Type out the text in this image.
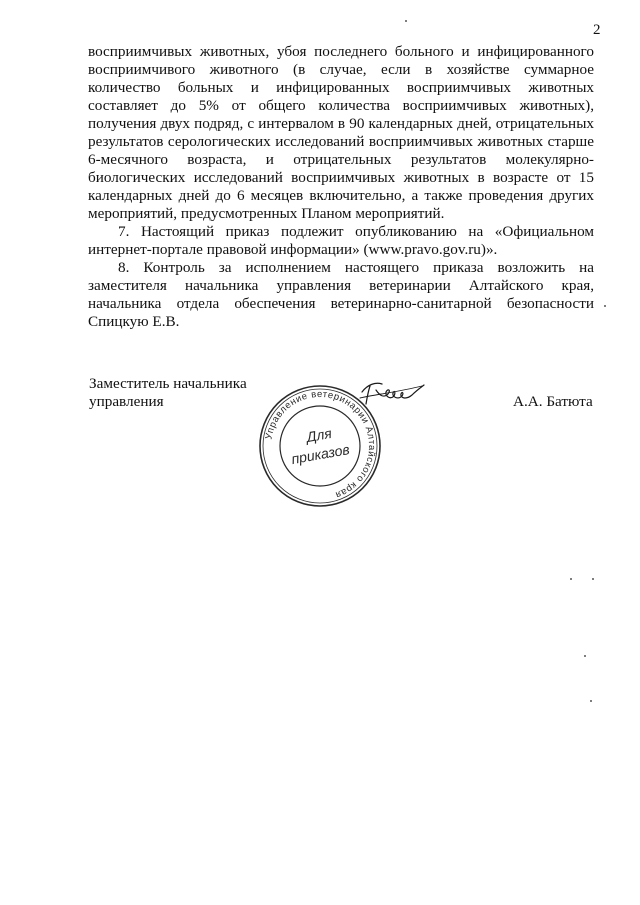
2

восприимчивых животных, убоя последнего больного и инфицированного восприимчивого животного (в случае, если в хозяйстве суммарное количество больных и инфицированных восприимчивых животных составляет до 5% от общего количества восприимчивых животных), получения двух подряд, с интервалом в 90 календарных дней, отрицательных результатов серологических исследований восприимчивых животных старше 6-месячного возраста, и отрицательных результатов молекулярно-биологических исследований восприимчивых животных в возрасте от 15 календарных дней до 6 месяцев включительно, а также проведения других мероприятий, предусмотренных Планом мероприятий.

7. Настоящий приказ подлежит опубликованию на «Официальном интернет-портале правовой информации» (www.pravo.gov.ru)».

8. Контроль за исполнением настоящего приказа возложить на заместителя начальника управления ветеринарии Алтайского края, начальника отдела обеспечения ветеринарно-санитарной безопасности Спицкую Е.В.

Заместитель начальника
управления	А.А. Батюта
Управление ветеринарии Алтайского края
Для
приказов
